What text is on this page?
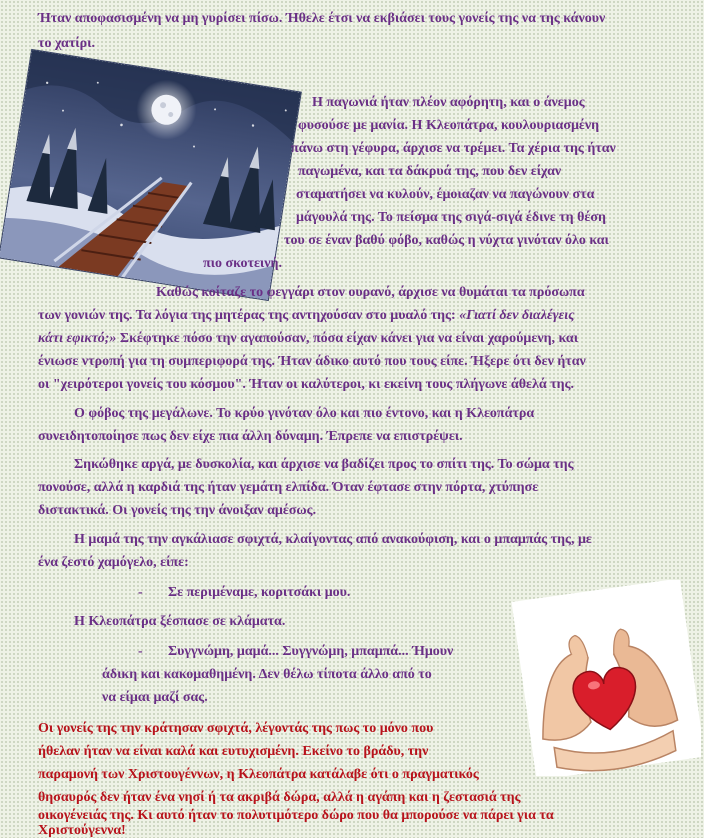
Ήταν αποφασισμένη να μη γυρίσει πίσω. Ήθελε έτσι να εκβιάσει τους γονείς της να της κάνουν
το χατίρι.
Η παγωνιά ήταν πλέον αφόρητη, και ο άνεμος
φυσούσε με μανία. Η Κλεοπάτρα, κουλουριασμένη
πάνω στη γέφυρα, άρχισε να τρέμει. Τα χέρια της ήταν
παγωμένα, και τα δάκρυά της, που δεν είχαν
σταματήσει να κυλούν, έμοιαζαν να παγώνουν στα
μάγουλά της. Το πείσμα της σιγά-σιγά έδινε τη θέση
του σε έναν βαθύ φόβο, καθώς η νύχτα γινόταν όλο και
πιο σκοτεινή.
Καθώς κοίταζε το φεγγάρι στον ουρανό, άρχισε να θυμάται τα πρόσωπα
των γονιών της. Τα λόγια της μητέρας της αντηχούσαν στο μυαλό της: «Γιατί δεν διαλέγεις
κάτι εφικτό;» Σκέφτηκε πόσο την αγαπούσαν, πόσα είχαν κάνει για να είναι χαρούμενη, και
ένιωσε ντροπή για τη συμπεριφορά της. Ήταν άδικο αυτό που τους είπε. Ήξερε ότι δεν ήταν
οι "χειρότεροι γονείς του κόσμου". Ήταν οι καλύτεροι, κι εκείνη τους πλήγωνε άθελά της.
Ο φόβος της μεγάλωνε. Το κρύο γινόταν όλο και πιο έντονο, και η Κλεοπάτρα
συνειδητοποίησε πως δεν είχε πια άλλη δύναμη. Έπρεπε να επιστρέψει.
Σηκώθηκε αργά, με δυσκολία, και άρχισε να βαδίζει προς το σπίτι της. Το σώμα της
πονούσε, αλλά η καρδιά της ήταν γεμάτη ελπίδα. Όταν έφτασε στην πόρτα, χτύπησε
διστακτικά. Οι γονείς της την άνοιξαν αμέσως.
Η μαμά της την αγκάλιασε σφιχτά, κλαίγοντας από ανακούφιση, και ο μπαμπάς της, με
ένα ζεστό χαμόγελο, είπε:
- Σε περιμέναμε, κοριτσάκι μου.
Η Κλεοπάτρα ξέσπασε σε κλάματα.
- Συγγνώμη, μαμά... Συγγνώμη, μπαμπά... Ήμουν
άδικη και κακομαθημένη. Δεν θέλω τίποτα άλλο από το
να είμαι μαζί σας.
Οι γονείς της την κράτησαν σφιχτά, λέγοντάς της πως το μόνο που
ήθελαν ήταν να είναι καλά και ευτυχισμένη. Εκείνο το βράδυ, την
παραμονή των Χριστουγέννων, η Κλεοπάτρα κατάλαβε ότι ο πραγματικός
θησαυρός δεν ήταν ένα νησί ή τα ακριβά δώρα, αλλά η αγάπη και η ζεστασιά της
οικογένειάς της. Κι αυτό ήταν το πολυτιμότερο δώρο που θα μπορούσε να πάρει για τα
Χριστούγεννα!
